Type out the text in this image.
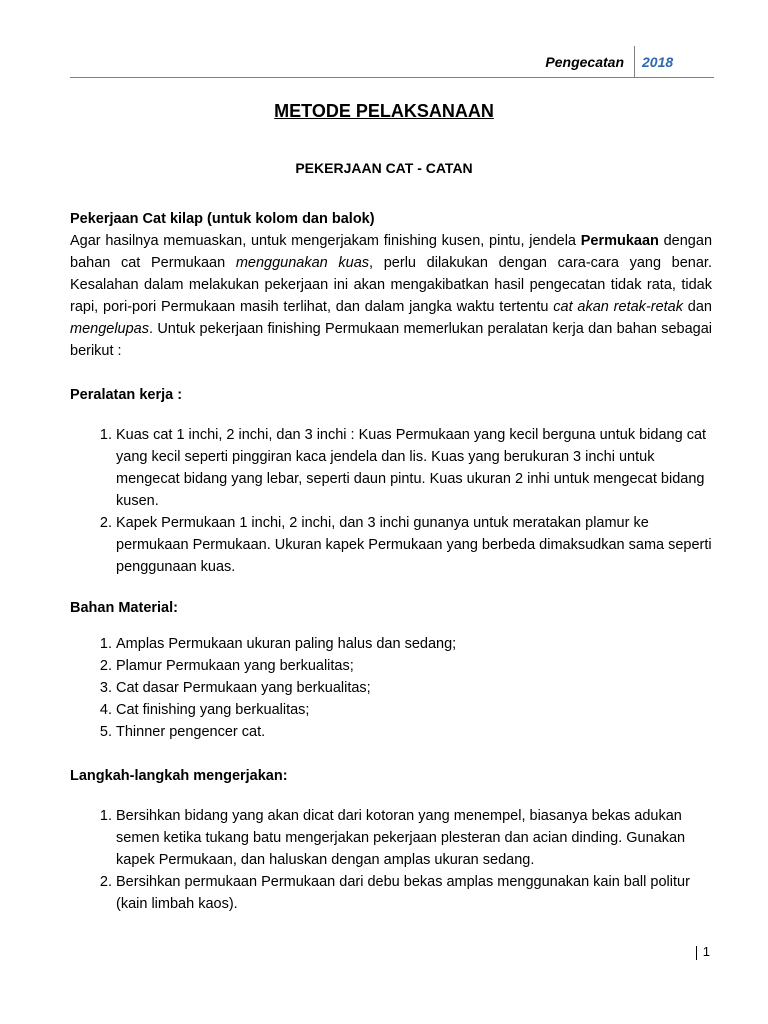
Pengecatan 2018
METODE PELAKSANAAN
PEKERJAAN CAT - CATAN

Pekerjaan Cat kilap (untuk kolom dan balok)

Agar hasilnya memuaskan, untuk mengerjakam finishing kusen, pintu, jendela Permukaan dengan bahan cat Permukaan menggunakan kuas, perlu dilakukan dengan cara-cara yang benar. Kesalahan dalam melakukan pekerjaan ini akan mengakibatkan hasil pengecatan tidak rata, tidak rapi, pori-pori Permukaan masih terlihat, dan dalam jangka waktu tertentu cat akan retak-retak dan mengelupas. Untuk pekerjaan finishing Permukaan memerlukan peralatan kerja dan bahan sebagai berikut :

Peralatan kerja :

1. Kuas cat 1 inchi, 2 inchi, dan 3 inchi : Kuas Permukaan yang kecil berguna untuk bidang cat yang kecil seperti pinggiran kaca jendela dan lis. Kuas yang berukuran 3 inchi untuk mengecat bidang yang lebar, seperti daun pintu. Kuas ukuran 2 inhi untuk mengecat bidang kusen.
2. Kapek Permukaan 1 inchi, 2 inchi, dan 3 inchi gunanya untuk meratakan plamur ke permukaan Permukaan. Ukuran kapek Permukaan yang berbeda dimaksudkan sama seperti penggunaan kuas.

Bahan Material:

1. Amplas Permukaan ukuran paling halus dan sedang;
2. Plamur Permukaan yang berkualitas;
3. Cat dasar Permukaan yang berkualitas;
4. Cat finishing yang berkualitas;
5. Thinner pengencer cat.

Langkah-langkah mengerjakan:

1. Bersihkan bidang yang akan dicat dari kotoran yang menempel, biasanya bekas adukan semen ketika tukang batu mengerjakan pekerjaan plesteran dan acian dinding. Gunakan kapek Permukaan, dan haluskan dengan amplas ukuran sedang.
2. Bersihkan permukaan Permukaan dari debu bekas amplas menggunakan kain ball politur (kain limbah kaos).
1
